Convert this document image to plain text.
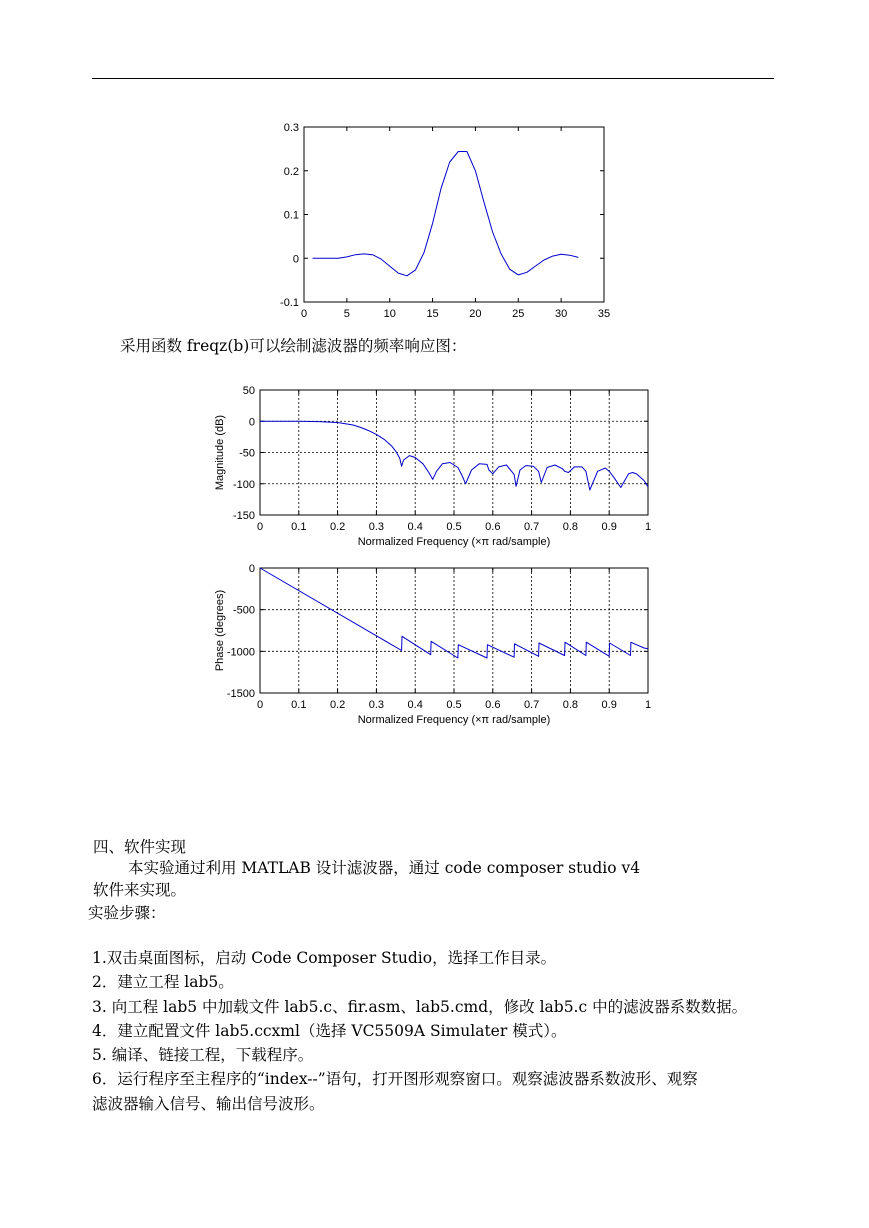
0	5	10	15	20	25	30	35
0.3
0.2
0.1
0
-0.1
0	0.1 0.2 0.3 0.4 0.5 0.6 0.7 0.8 0.9	1
50
0
-50
-100
-150
Normalized Frequency (×π rad/sample)
Magnitude (dB)
0	0.1 0.2 0.3 0.4 0.5 0.6 0.7 0.8 0.9	1
0
-500
-1000
-1500
Normalized Frequency (×π rad/sample)
Phase (degrees)
采用函数 freqz(b)可以绘制滤波器的频率响应图：
四、软件实现
本实验通过利用 MATLAB 设计滤波器，通过 code composer studio v4
软件来实现。
实验步骤：
1.双击桌面图标，启动 Code Composer Studio，选择工作目录。
2．建立工程 lab5。
3. 向工程 lab5 中加载文件 lab5.c、fir.asm、lab5.cmd，修改 lab5.c 中的滤波器系数数据。
4．建立配置文件 lab5.ccxml（选择 VC5509A Simulater 模式）。
5. 编译、链接工程，下载程序。
6．运行程序至主程序的“index--”语句，打开图形观察窗口。观察滤波器系数波形、观察
滤波器输入信号、输出信号波形。
